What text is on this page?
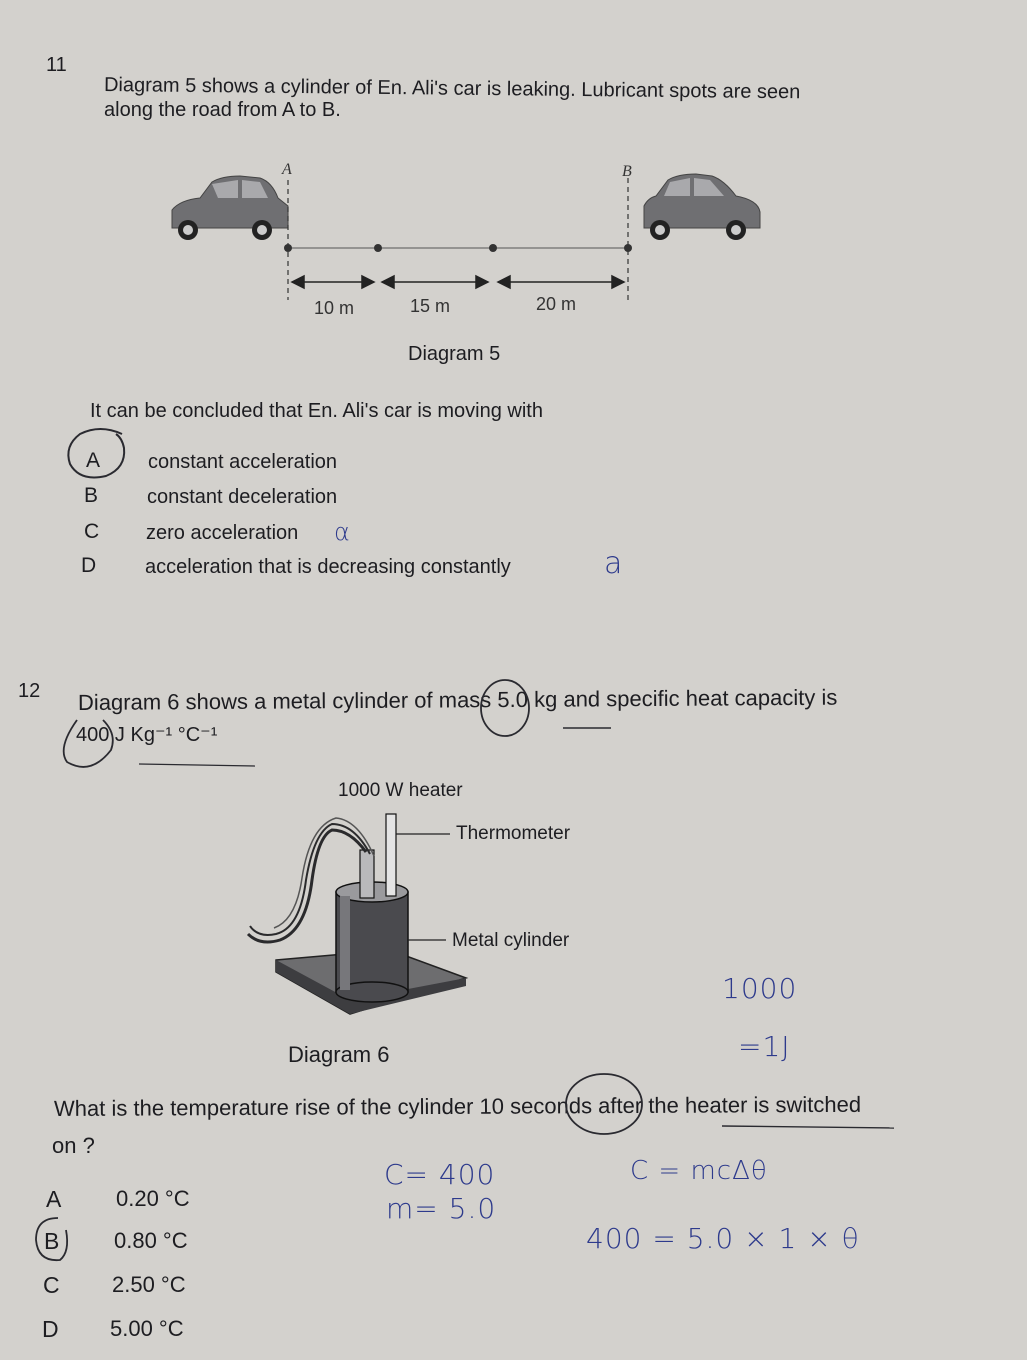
11
Diagram 5 shows a cylinder of En. Ali's car is leaking. Lubricant spots are seen
along the road from A to B.
A	B
10 m	15 m	20 m
Diagram 5
It can be concluded that En. Ali's car is moving with
A constant acceleration
B constant deceleration
C zero acceleration α
D acceleration that is decreasing constantly	a
12 Diagram 6 shows a metal cylinder of mass 5.0 kg and specific heat capacity is
400 J Kg⁻¹ °C⁻¹
1000 W heater
Thermometer
Metal cylinder
Diagram 6
What is the temperature rise of the cylinder 10 seconds after the heater is switched
on ?
A 0.20 °C
B 0.80 °C
C 2.50 °C
D 5.00 °C
1000
=1J
C = mcΔθ
C= 400
m= 5.0
400 = 5.0 × 1 × θ
